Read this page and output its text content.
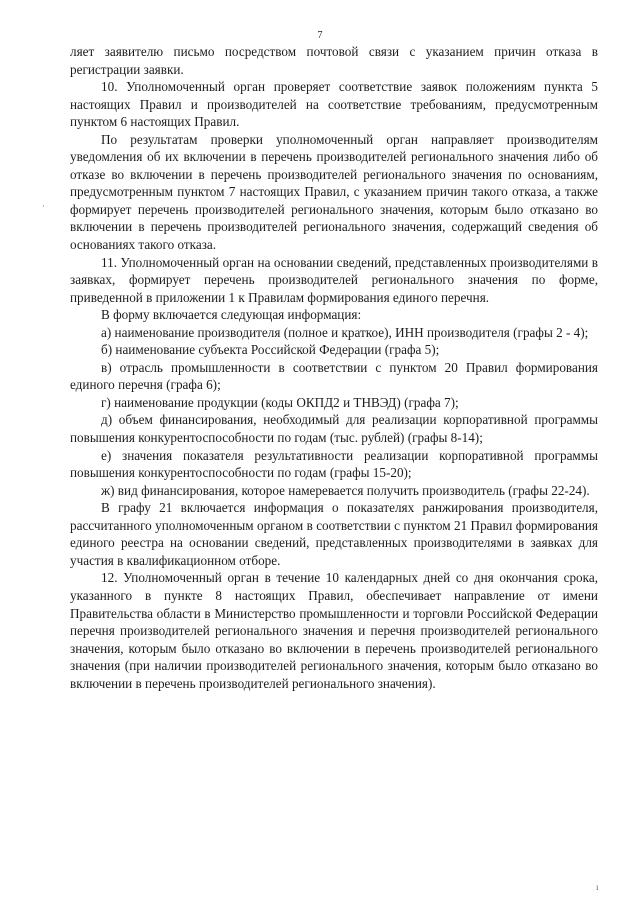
7
·

ляет заявителю письмо посредством почтовой связи с указанием причин отказа в регистрации заявки.

10. Уполномоченный орган проверяет соответствие заявок положениям пункта 5 настоящих Правил и производителей на соответствие требованиям, предусмотренным пунктом 6 настоящих Правил.

По результатам проверки уполномоченный орган направляет производителям уведомления об их включении в перечень производителей регионального значения либо об отказе во включении в перечень производителей регионального значения по основаниям, предусмотренным пунктом 7 настоящих Правил, с указанием причин такого отказа, а также формирует перечень производителей регионального значения, которым было отказано во включении в перечень производителей регионального значения, содержащий сведения об основаниях такого отказа.

11. Уполномоченный орган на основании сведений, представленных производителями в заявках, формирует перечень производителей регионального значения по форме, приведенной в приложении 1 к Правилам формирования единого перечня.

В форму включается следующая информация:

а) наименование производителя (полное и краткое), ИНН производителя (графы 2 - 4);

б) наименование субъекта Российской Федерации (графа 5);

в) отрасль промышленности в соответствии с пунктом 20 Правил формирования единого перечня (графа 6);

г) наименование продукции (коды ОКПД2 и ТНВЭД) (графа 7);

д) объем финансирования, необходимый для реализации корпоративной программы повышения конкурентоспособности по годам (тыс. рублей) (графы 8-14);

е) значения показателя результативности реализации корпоративной программы повышения конкурентоспособности по годам (графы 15-20);

ж) вид финансирования, которое намеревается получить производитель (графы 22-24).

В графу 21 включается информация о показателях ранжирования производителя, рассчитанного уполномоченным органом в соответствии с пунктом 21 Правил формирования единого реестра на основании сведений, представленных производителями в заявках для участия в квалификационном отборе.

12. Уполномоченный орган в течение 10 календарных дней со дня окончания срока, указанного в пункте 8 настоящих Правил, обеспечивает направление от имени Правительства области в Министерство промышленности и торговли Российской Федерации перечня производителей регионального значения и перечня производителей регионального значения, которым было отказано во включении в перечень производителей регионального значения (при наличии производителей регионального значения, которым было отказано во включении в перечень производителей регионального значения).

ı
